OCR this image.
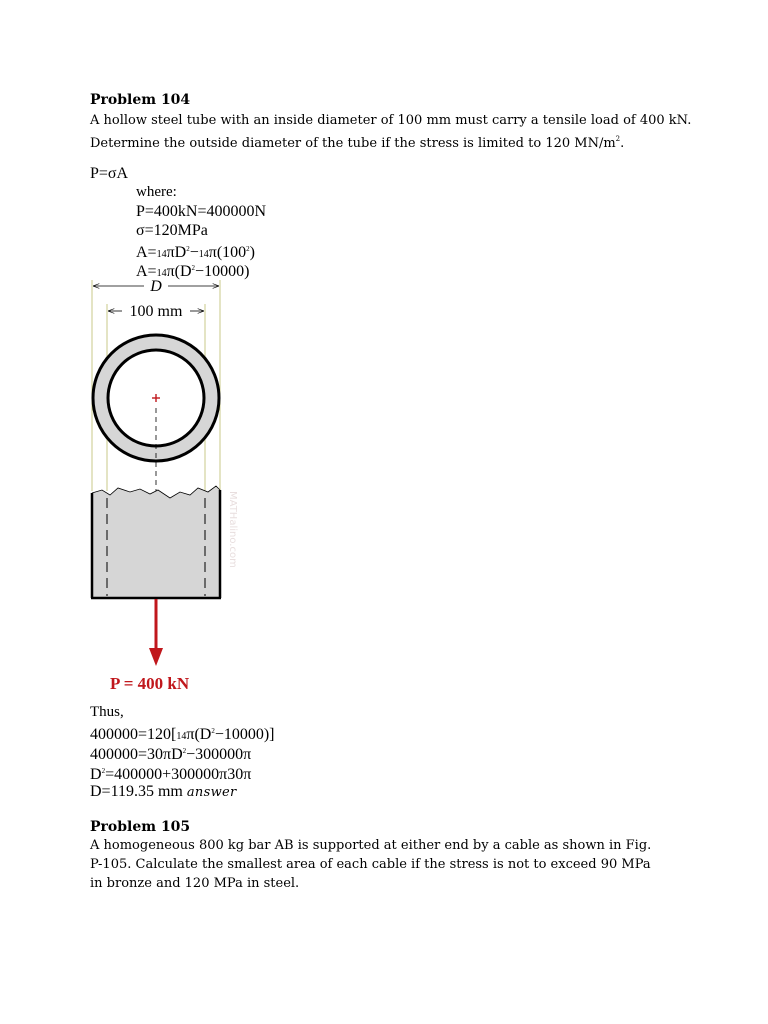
Problem 104
A hollow steel tube with an inside diameter of 100 mm must carry a tensile load of 400 kN.
Determine the outside diameter of the tube if the stress is limited to 120 $MN/m^2$.
P=σA
where:
P=400kN=400000N
σ=120MPa
$A=14\pi D^2-14\pi(100^2)$
$A=14\pi(D^2-10000)$
D
100 mm
MATHalino.com
P = 400 kN
Thus,
$400000=120[14\pi(D^2-10000)]$
$400000=30\pi D^2-300000\pi$
$D^2=400000+300000\pi 30\pi$
D=119.35 mm answer
Problem 105
A homogeneous 800 kg bar AB is supported at either end by a cable as shown in Fig. P-105. Calculate the smallest area of each cable if the stress is not to exceed 90 MPa in bronze and 120 MPa in steel.
